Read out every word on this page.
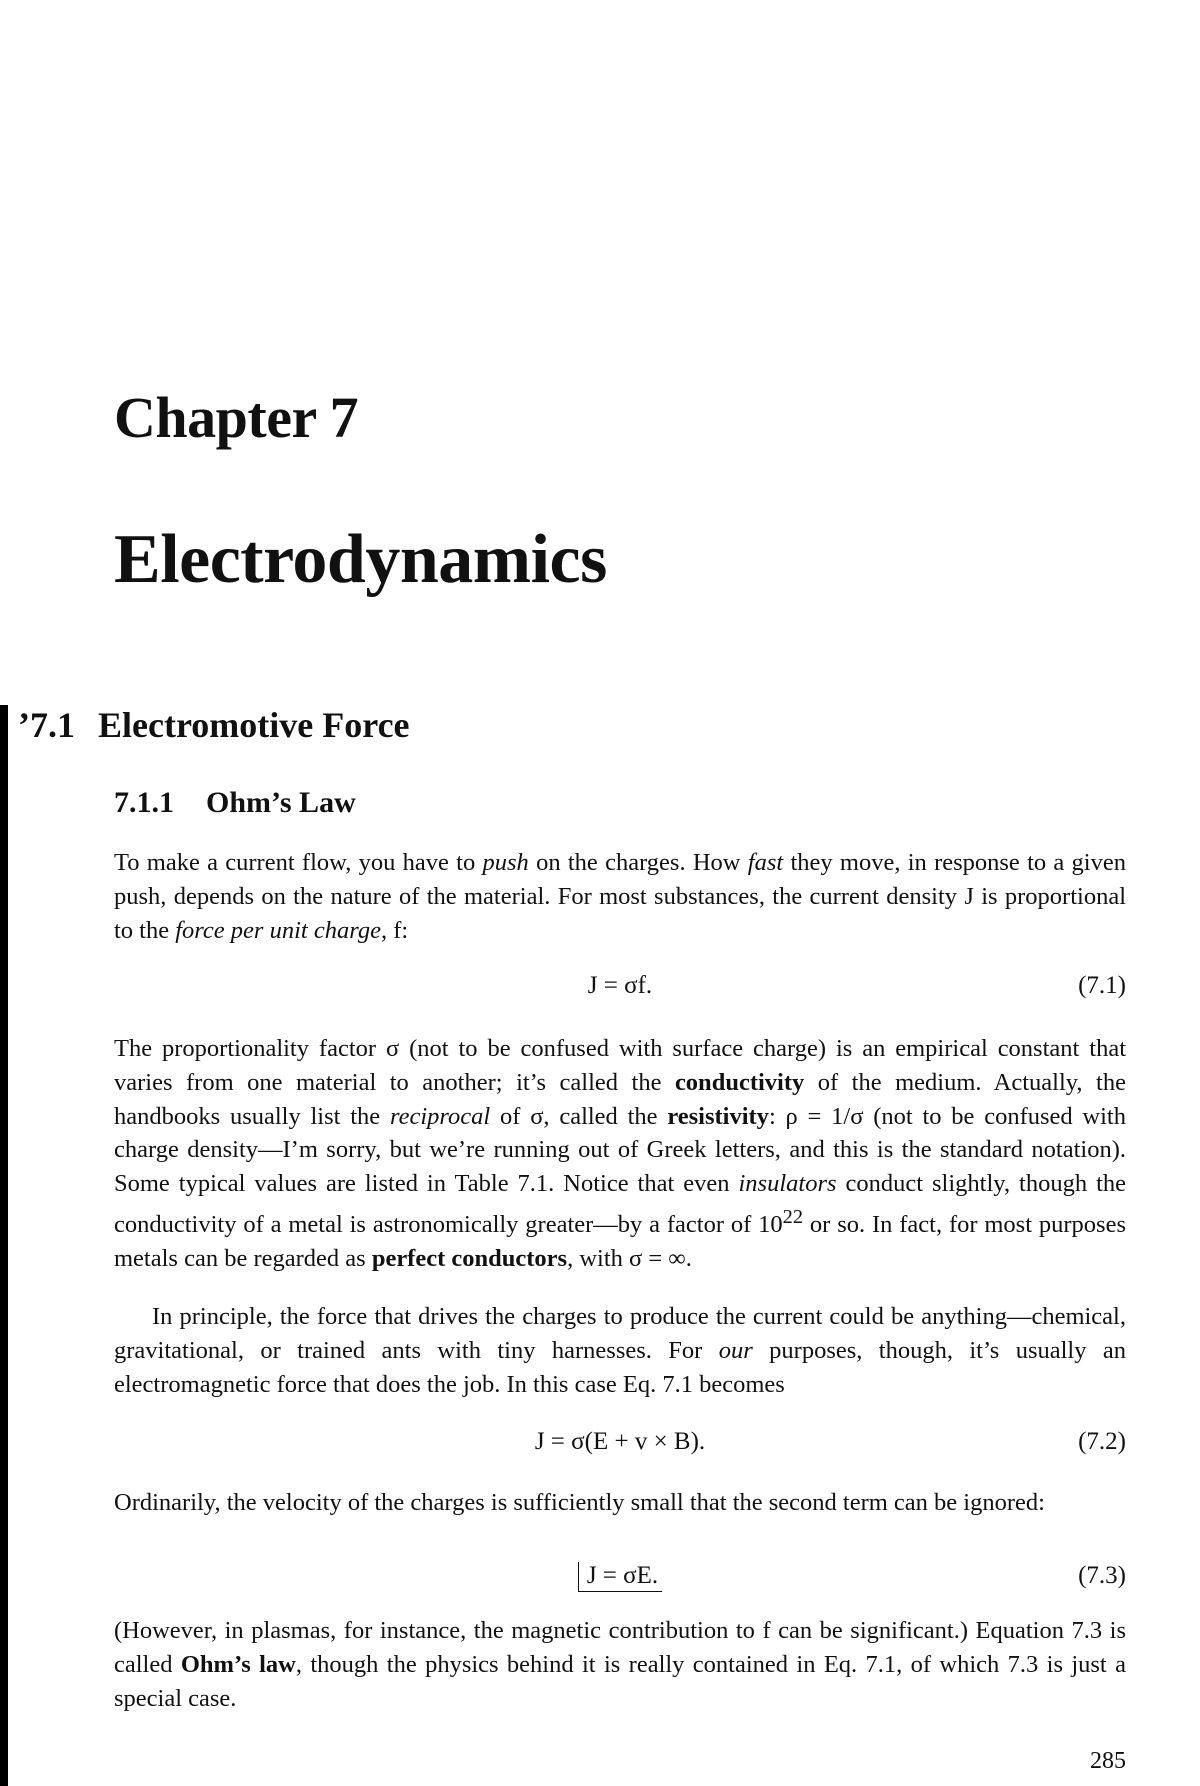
Chapter 7
Electrodynamics
’7.1 Electromotive Force
7.1.1 Ohm’s Law

To make a current flow, you have to push on the charges. How fast they move, in response to a given push, depends on the nature of the material. For most substances, the current density J is proportional to the force per unit charge, f:

J = σf.	(7.1)

The proportionality factor σ (not to be confused with surface charge) is an empirical constant that varies from one material to another; it’s called the conductivity of the medium. Actually, the handbooks usually list the reciprocal of σ, called the resistivity: ρ = 1/σ (not to be confused with charge density—I’m sorry, but we’re running out of Greek letters, and this is the standard notation). Some typical values are listed in Table 7.1. Notice that even insulators conduct slightly, though the conductivity of a metal is astronomically greater—by a factor of $10^{22}$ or so. In fact, for most purposes metals can be regarded as perfect conductors, with σ = ∞.

In principle, the force that drives the charges to produce the current could be anything—chemical, gravitational, or trained ants with tiny harnesses. For our purposes, though, it’s usually an electromagnetic force that does the job. In this case Eq. 7.1 becomes

J = σ(E + v × B).	(7.2)

Ordinarily, the velocity of the charges is sufficiently small that the second term can be ignored:

J = σE.	(7.3)

(However, in plasmas, for instance, the magnetic contribution to f can be significant.) Equation 7.3 is called Ohm’s law, though the physics behind it is really contained in Eq. 7.1, of which 7.3 is just a special case.

285
